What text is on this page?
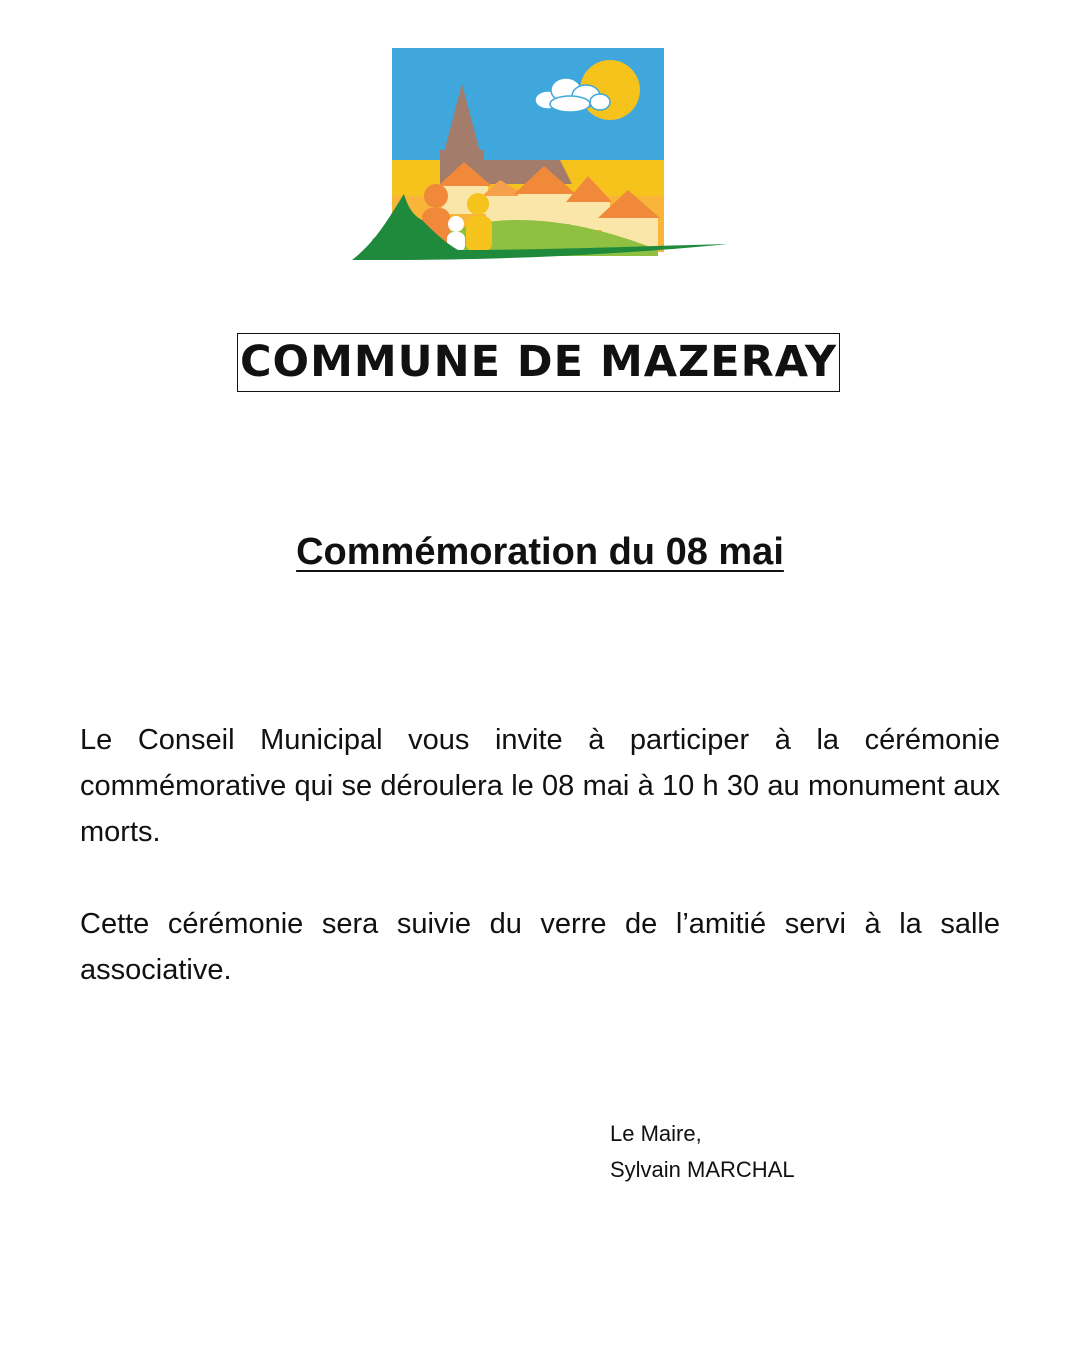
COMMUNE DE MAZERAY
Commémoration du 08 mai

Le Conseil Municipal vous invite à participer à la cérémonie commémorative qui se déroulera le 08 mai à 10 h 30 au monument aux morts.

Cette cérémonie sera suivie du verre de l’amitié servi à la salle associative.

Le Maire,
Sylvain MARCHAL
